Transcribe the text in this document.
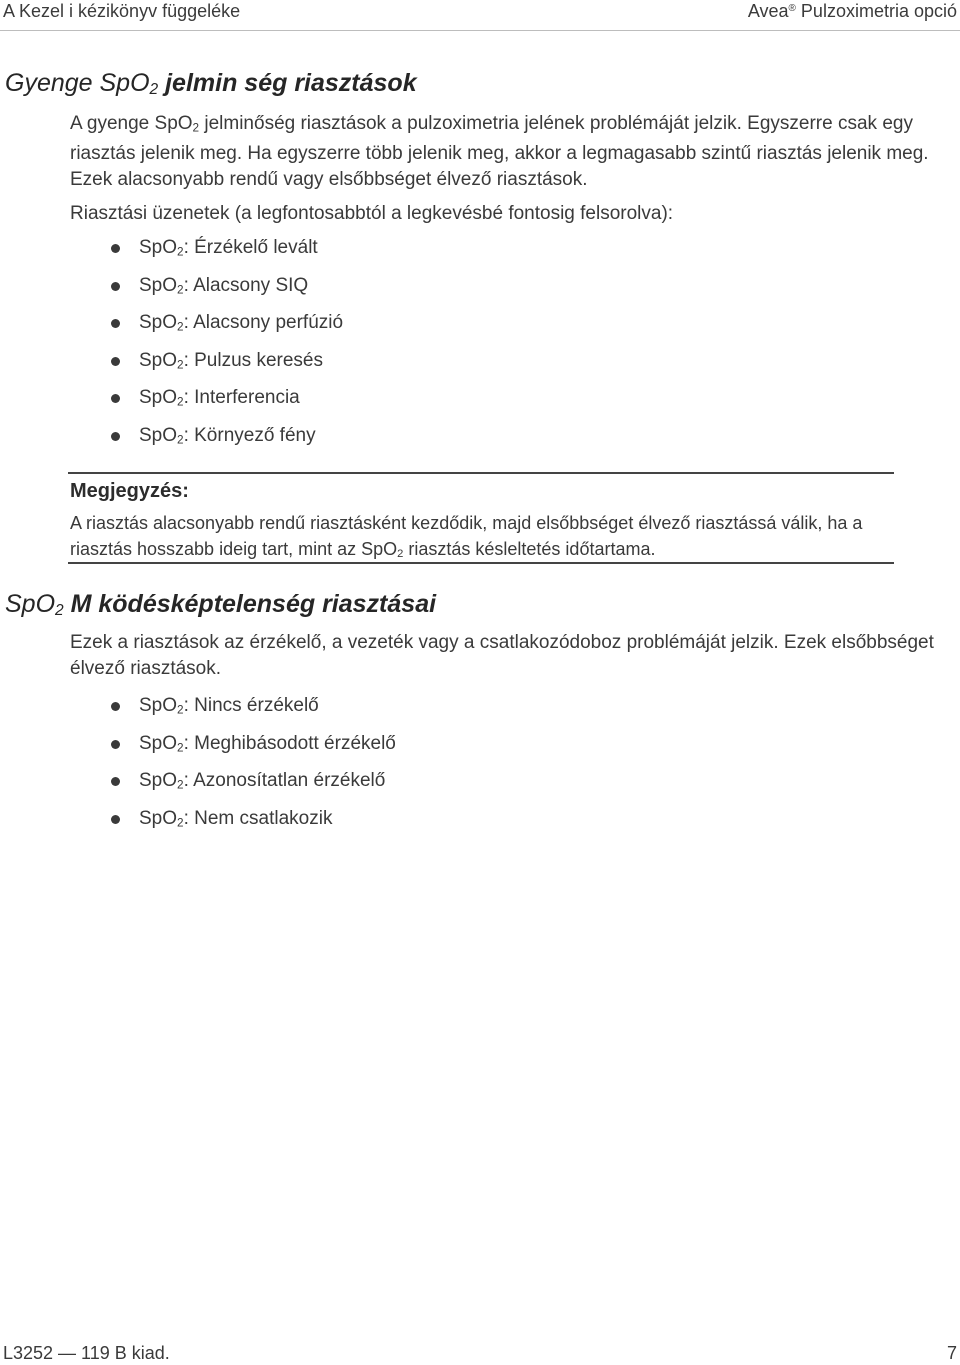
A Kezel i kézikönyv függeléke	Avea® Pulzoximetria opció
Gyenge SpO$_2$ jelmin ség riasztások
A gyenge SpO$_2$ jelminőség riasztások a pulzoximetria jelének problémáját jelzik. Egyszerre csak egy riasztás jelenik meg. Ha egyszerre több jelenik meg, akkor a legmagasabb szintű riasztás jelenik meg. Ezek alacsonyabb rendű vagy elsőbbséget élvező riasztások.
Riasztási üzenetek (a legfontosabbtól a legkevésbé fontosig felsorolva):
SpO$_2$: Érzékelő levált
SpO$_2$: Alacsony SIQ
SpO$_2$: Alacsony perfúzió
SpO$_2$: Pulzus keresés
SpO$_2$: Interferencia
SpO$_2$: Környező fény
Megjegyzés:
A riasztás alacsonyabb rendű riasztásként kezdődik, majd elsőbbséget élvező riasztássá válik, ha a riasztás hosszabb ideig tart, mint az SpO$_2$ riasztás késleltetés időtartama.
SpO$_2$ M ködésképtelenség riasztásai
Ezek a riasztások az érzékelő, a vezeték vagy a csatlakozódoboz problémáját jelzik. Ezek elsőbbséget élvező riasztások.
SpO$_2$: Nincs érzékelő
SpO$_2$: Meghibásodott érzékelő
SpO$_2$: Azonosítatlan érzékelő
SpO$_2$: Nem csatlakozik
L3252 — 119 B kiad.	7
